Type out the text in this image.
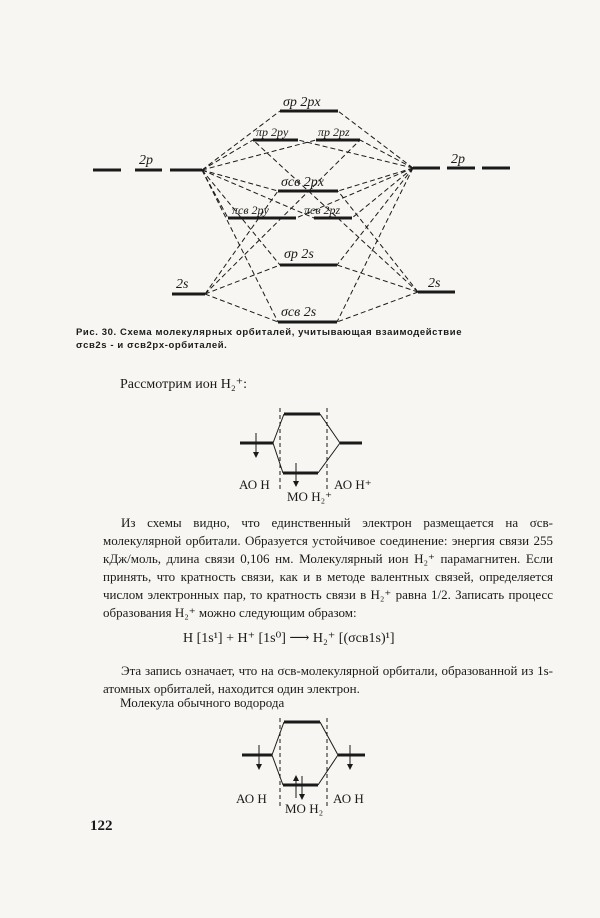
2p	2p
2s	2s
σp 2px
πp 2py πp 2pz
σсв 2px
πсв 2py	πсв 2pz
σp 2s
σсв 2s
Рис. 30. Схема молекулярных орбиталей, учитывающая взаимодействие
σсв2s - и σсв2px-орбиталей.
Рассмотрим ион H₂⁺:
АО H
МО H₂⁺
АО H⁺
Из схемы видно, что единственный электрон размещается на σсв-молекулярной орбитали. Образуется устойчивое соединение: энергия связи 255 кДж/моль, длина связи 0,106 нм. Молекулярный ион H₂⁺ парамагнитен. Если принять, что кратность связи, как и в методе валентных связей, определяется числом электронных пар, то кратность связи в H₂⁺ равна 1/2. Записать процесс образования H₂⁺ можно следующим образом:
H [1s¹] + H⁺ [1s⁰] ⟶ H₂⁺ [(σсв1s)¹]
Эта запись означает, что на σсв-молекулярной орбитали, образованной из 1s-атомных орбиталей, находится один электрон.
Молекула обычного водорода
АО H
МО H₂
АО H
122
